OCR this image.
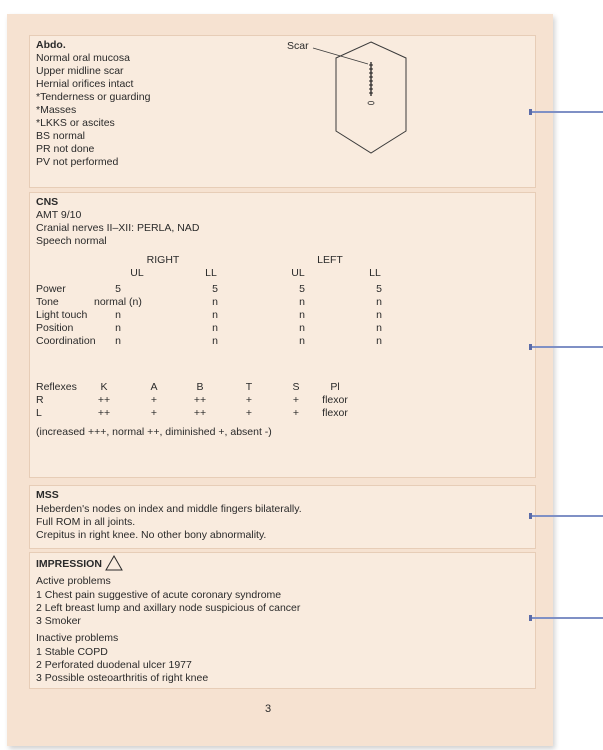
Abdo.
Normal oral mucosa
Upper midline scar
Hernial orifices intact
*Tenderness or guarding
*Masses
*LKKS or ascites
BS normal
PR not done
PV not performed
Scar
CNS
AMT 9/10
Cranial nerves II–XII: PERLA, NAD
Speech normal
RIGHT	LEFT
UL	LL	UL	LL
Power	5	5	5	5
Tone	normal (n)	n	n	n
Light touch	n	n	n	n
Position	n	n	n	n
Coordination n	n	n	n
Reflexes K	A	B	T	S	Pl
R	++	+	++	+	+ flexor
L	++	+	++	+	+ flexor
(increased +++, normal ++, diminished +, absent -)
MSS
Heberden's nodes on index and middle fingers bilaterally.
Full ROM in all joints.
Crepitus in right knee. No other bony abnormality.
IMPRESSION
Active problems
1 Chest pain suggestive of acute coronary syndrome
2 Left breast lump and axillary node suspicious of cancer
3 Smoker
Inactive problems
1 Stable COPD
2 Perforated duodenal ulcer 1977
3 Possible osteoarthritis of right knee
3
